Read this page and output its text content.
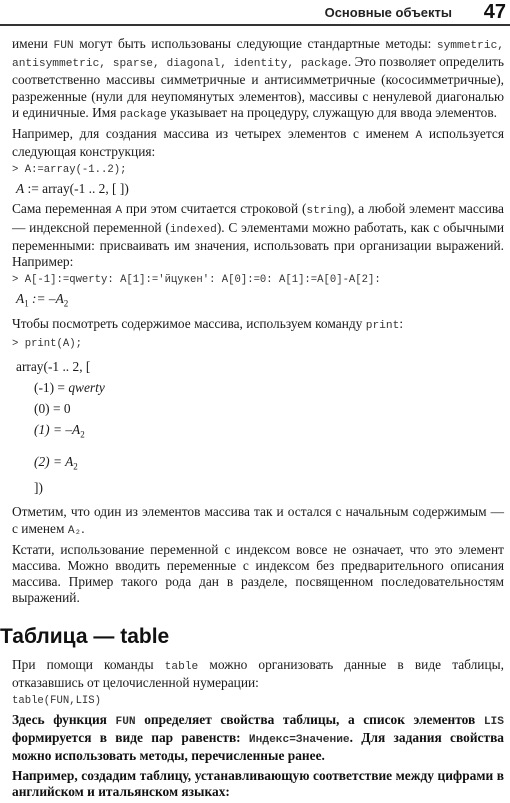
Основные объекты 47

имени FUN могут быть использованы следующие стандартные методы: symmetric, antisymmetric, sparse, diagonal, identity, package. Это позволяет определить соответственно массивы симметричные и антисимметричные (кососимметричные), разреженные (нули для неупомянутых элементов), массивы с ненулевой диагональю и единичные. Имя package указывает на процедуру, служащую для ввода элементов.

Например, для создания массива из четырех элементов с именем A используется следующая конструкция:

> A:=array(-1..2);
A := array(-1 .. 2, [ ])

Сама переменная A при этом считается строковой (string), а любой элемент массива — индексной переменной (indexed). С элементами можно работать, как с обычными переменными: присваивать им значения, использовать при организации выражений. Например:

> A[-1]:=qwerty: A[1]:='йцукен': A[0]:=0: A[1]:=A[0]-A[2]:
$A_1$ := $-A_2$

Чтобы посмотреть содержимое массива, используем команду print:

> print(A);
array(-1 .. 2, [
(-1) = qwerty
(0) = 0
$(1) = -A_2$
$(2) = A_2$
])

Отметим, что один из элементов массива так и остался с начальным содержимым — с именем A₂.

Кстати, использование переменной с индексом вовсе не означает, что это элемент массива. Можно вводить переменные с индексом без предварительного описания массива. Пример такого рода дан в разделе, посвященном последовательностям выражений.

Таблица — table

При помощи команды table можно организовать данные в виде таблицы, отказавшись от целочисленной нумерации:

table(FUN,LIS)

Здесь функция FUN определяет свойства таблицы, а список элементов LIS формируется в виде пар равенств: Индекс=Значение. Для задания свойства можно использовать методы, перечисленные ранее.

Например, создадим таблицу, устанавливающую соответствие между цифрами в английском и итальянском языках:
